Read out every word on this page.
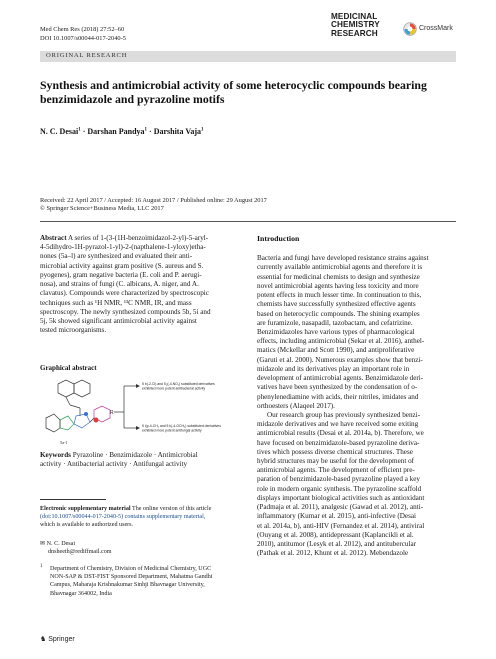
Med Chem Res (2018) 27:52–60
DOI 10.1007/s00044-017-2040-5
MEDICINAL
CHEMISTRY
RESEARCH
CrossMark
ORIGINAL RESEARCH
Synthesis and antimicrobial activity of some heterocyclic compounds bearing benzimidazole and pyrazoline motifs
N. C. Desai$^1$ · Darshan Pandya$^1$ · Darshita Vaja$^1$
Received: 22 April 2017 / Accepted: 16 August 2017 / Published online: 29 August 2017
© Springer Science+Business Media, LLC 2017
Abstract A series of 1-(3-(1H-benzoimidazol-2-yl)-5-aryl-
4-5dihydro-1H-pyrazol-1-yl)-2-(napthalene-1-yloxy)etha-
nones (5a–l) are synthesized and evaluated their anti-
microbial activity against gram positive (S. aureus and S.
pyogenes), gram negative bacteria (E. coli and P. aerugi-
nosa), and strains of fungi (C. albicans, A. niger, and A.
clavatus). Compounds were characterized by spectroscopic
techniques such as ¹H NMR, ¹³C NMR, IR, and mass
spectroscopy. The newly synthesized compounds 5b, 5i and
5j, 5k showed significant antimicrobial activity against
tested microorganisms.
Graphical abstract
R
5a-l
5 b(-2-Cl) and 5 j(-4-NO₂) substituted derivatives
exhibited more potent antibacterial activity
5 i(p-4-CH₃ and 5 k(-4-OCH₃) substituted derivatives
exhibited more potent antifungal activity
Keywords Pyrazoline · Benzimidazole · Antimicrobial
activity · Antibacterial activity · Antifungal activity
Electronic supplementary material The online version of this article
(doi:10.1007/s00044-017-2040-5) contains supplementary material,
which is available to authorized users.
✉ N. C. Desai
dnsheeth@rediffmail.com
$^1$ Department of Chemistry, Division of Medicinal Chemistry, UGC
NON-SAP & DST-FIST Sponsored Department, Mahatma Gandhi
Campus, Maharaja Krishnakumar Sinhji Bhavnagar University,
Bhavnagar 364002, India
Introduction
Bacteria and fungi have developed resistance strains against
currently available antimicrobial agents and therefore it is
essential for medicinal chemists to design and synthesize
novel antimicrobial agents having less toxicity and more
potent effects in much lesser time. In continuation to this,
chemists have successfully synthesized effective agents
based on heterocyclic compounds. The shining examples
are furamizole, nasapadil, tazobactam, and cefatrizine.
Benzimidazoles have various types of pharmacological
effects, including antimicrobial (Sekar et al. 2016), anthel-
matics (Mckellar and Scott 1990), and antiproliferative
(Garuti et al. 2000). Numerous examples show that benzi-
midazole and its derivatives play an important role in
development of antimicrobial agents. Benzimidazole deri-
vatives have been synthesized by the condensation of o-
phenylenediamine with acids, their nitriles, imidates and
orthoesters (Alaqeel 2017).
Our research group has previously synthesized benzi-
midazole derivatives and we have received some exiting
antimicrobial results (Desai et al. 2014a, b). Therefore, we
have focused on benzimidazole-based pyrazoline deriva-
tives which possess diverse chemical structures. These
hybrid structures may be useful for the development of
antimicrobial agents. The development of efficient pre-
paration of benzimidazole-based pyrazoline played a key
role in modern organic synthesis. The pyrazoline scaffold
displays important biological activities such as antioxidant
(Padmaja et al. 2011), analgesic (Gawad et al. 2012), anti-
inflammatory (Kumar et al. 2015), anti-infective (Desai
et al. 2014a, b), anti-HIV (Fernandez et al. 2014), antiviral
(Ouyang et al. 2008), antidepressant (Kaplancikli et al.
2010), antitumor (Lesyk et al. 2012), and antitubercular
(Pathak et al. 2012, Khunt et al. 2012). Mebendazole
♞ Springer
